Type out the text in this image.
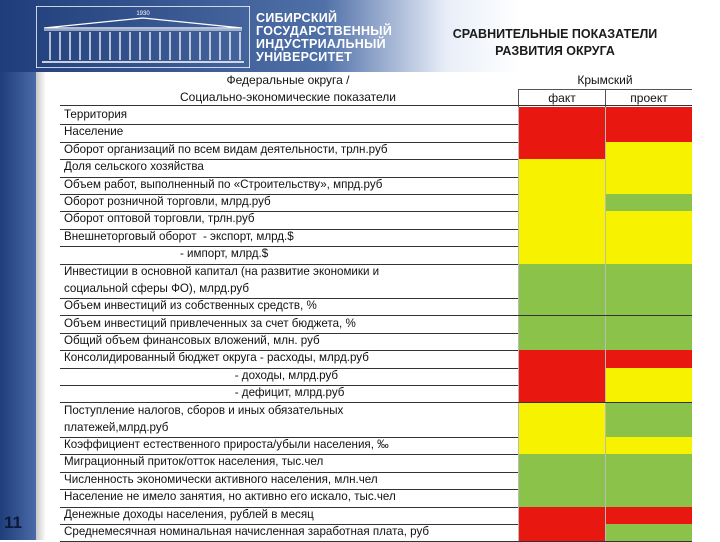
1930	СИБИРСКИЙ
ГОСУДАРСТВЕННЫЙ
ИНДУСТРИАЛЬНЫЙ
УНИВЕРСИТЕТ
СРАВНИТЕЛЬНЫЕ ПОКАЗАТЕЛИ
РАЗВИТИЯ ОКРУГА
11
Федеральные округа /
Социально-экономические показатели
Крымский
факт	проект
Территория
Население
Оборот организаций по всем видам деятельности, трлн.руб
Доля сельского хозяйства
Объем работ, выполненный по «Строительству», мпрд.руб
Оборот розничной торговли, млрд.руб
Оборот оптовой торговли, трлн.руб
Внешнеторговый оборот  - экспорт, млрд.$
- импорт, млрд.$
Инвестиции в основной капитал (на развитие экономики и
социальной сферы ФО), млрд.руб
Объем инвестиций из собственных средств, %
Объем инвестиций привлеченных за счет бюджета, %
Общий объем финансовых вложений, млн. руб
Консолидированный бюджет округа - расходы, млрд.руб
- доходы, млрд.руб
- дефицит, млрд.руб
Поступление налогов, сборов и иных обязательных
платежей,млрд.руб
Коэффициент естественного прироста/убыли населения, ‰
Миграционный приток/отток населения, тыс.чел
Численность экономически активного населения, млн.чел
Население не имело занятия, но активно его искало, тыс.чел
Денежные доходы населения, рублей в месяц
Среднемесячная номинальная начисленная заработная плата, руб
